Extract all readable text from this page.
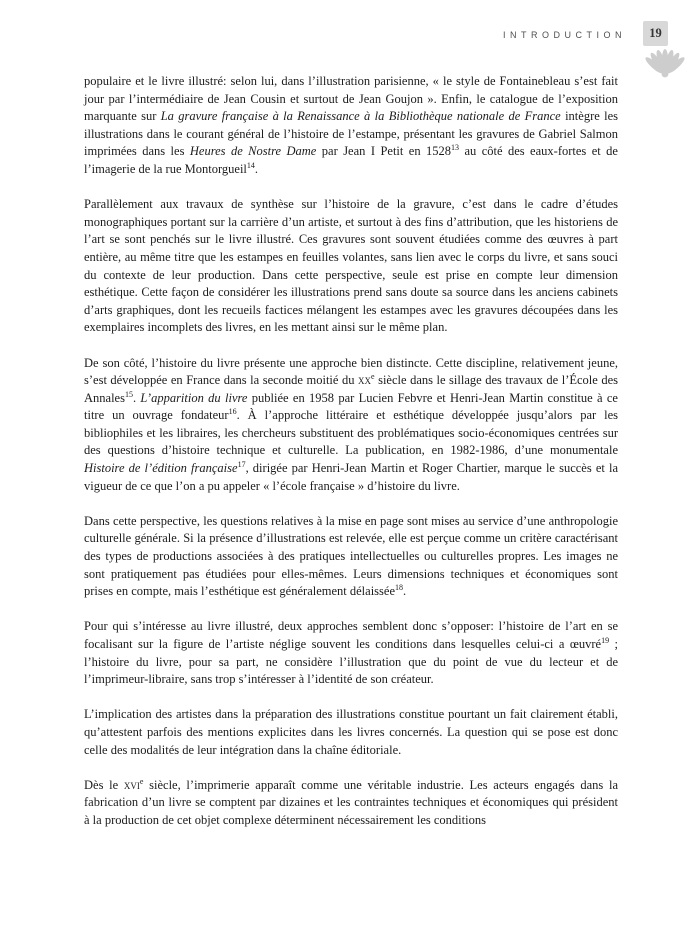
INTRODUCTION	19

populaire et le livre illustré: selon lui, dans l’illustration parisienne, « le style de Fontainebleau s’est fait jour par l’intermédiaire de Jean Cousin et surtout de Jean Goujon ». Enfin, le catalogue de l’exposition marquante sur La gravure française à la Renaissance à la Bibliothèque nationale de France intègre les illustrations dans le courant général de l’histoire de l’estampe, présentant les gravures de Gabriel Salmon imprimées dans les Heures de Nostre Dame par Jean I Petit en 1528$^{13}$ au côté des eaux-fortes et de l’imagerie de la rue Montorgueil$^{14}$.

Parallèlement aux travaux de synthèse sur l’histoire de la gravure, c’est dans le cadre d’études monographiques portant sur la carrière d’un artiste, et surtout à des fins d’attribution, que les historiens de l’art se sont penchés sur le livre illustré. Ces gravures sont souvent étudiées comme des œuvres à part entière, au même titre que les estampes en feuilles volantes, sans lien avec le corps du livre, et sans souci du contexte de leur production. Dans cette perspective, seule est prise en compte leur dimension esthétique. Cette façon de considérer les illustrations prend sans doute sa source dans les anciens cabinets d’arts graphiques, dont les recueils factices mélangent les estampes avec les gravures découpées dans les exemplaires incomplets des livres, en les mettant ainsi sur le même plan.

De son côté, l’histoire du livre présente une approche bien distincte. Cette discipline, relativement jeune, s’est développée en France dans la seconde moitié du $xx^e$ siècle dans le sillage des travaux de l’École des Annales$^{15}$. L’apparition du livre publiée en 1958 par Lucien Febvre et Henri-Jean Martin constitue à ce titre un ouvrage fondateur$^{16}$. À l’approche littéraire et esthétique développée jusqu’alors par les bibliophiles et les libraires, les chercheurs substituent des problématiques socio-économiques centrées sur des questions d’histoire technique et culturelle. La publication, en 1982-1986, d’une monumentale Histoire de l’édition française$^{17}$, dirigée par Henri-Jean Martin et Roger Chartier, marque le succès et la vigueur de ce que l’on a pu appeler « l’école française » d’histoire du livre.

Dans cette perspective, les questions relatives à la mise en page sont mises au service d’une anthropologie culturelle générale. Si la présence d’illustrations est relevée, elle est perçue comme un critère caractérisant des types de productions associées à des pratiques intellectuelles ou culturelles propres. Les images ne sont pratiquement pas étudiées pour elles-mêmes. Leurs dimensions techniques et économiques sont prises en compte, mais l’esthétique est généralement délaissée$^{18}$.

Pour qui s’intéresse au livre illustré, deux approches semblent donc s’opposer: l’histoire de l’art en se focalisant sur la figure de l’artiste néglige souvent les conditions dans lesquelles celui-ci a œuvré$^{19}$ ; l’histoire du livre, pour sa part, ne considère l’illustration que du point de vue du lecteur et de l’imprimeur-libraire, sans trop s’intéresser à l’identité de son créateur.

L’implication des artistes dans la préparation des illustrations constitue pourtant un fait clairement établi, qu’attestent parfois des mentions explicites dans les livres concernés. La question qui se pose est donc celle des modalités de leur intégration dans la chaîne éditoriale.

Dès le xvi$^e$ siècle, l’imprimerie apparaît comme une véritable industrie. Les acteurs engagés dans la fabrication d’un livre se comptent par dizaines et les contraintes techniques et économiques qui président à la production de cet objet complexe déterminent nécessairement les conditions
